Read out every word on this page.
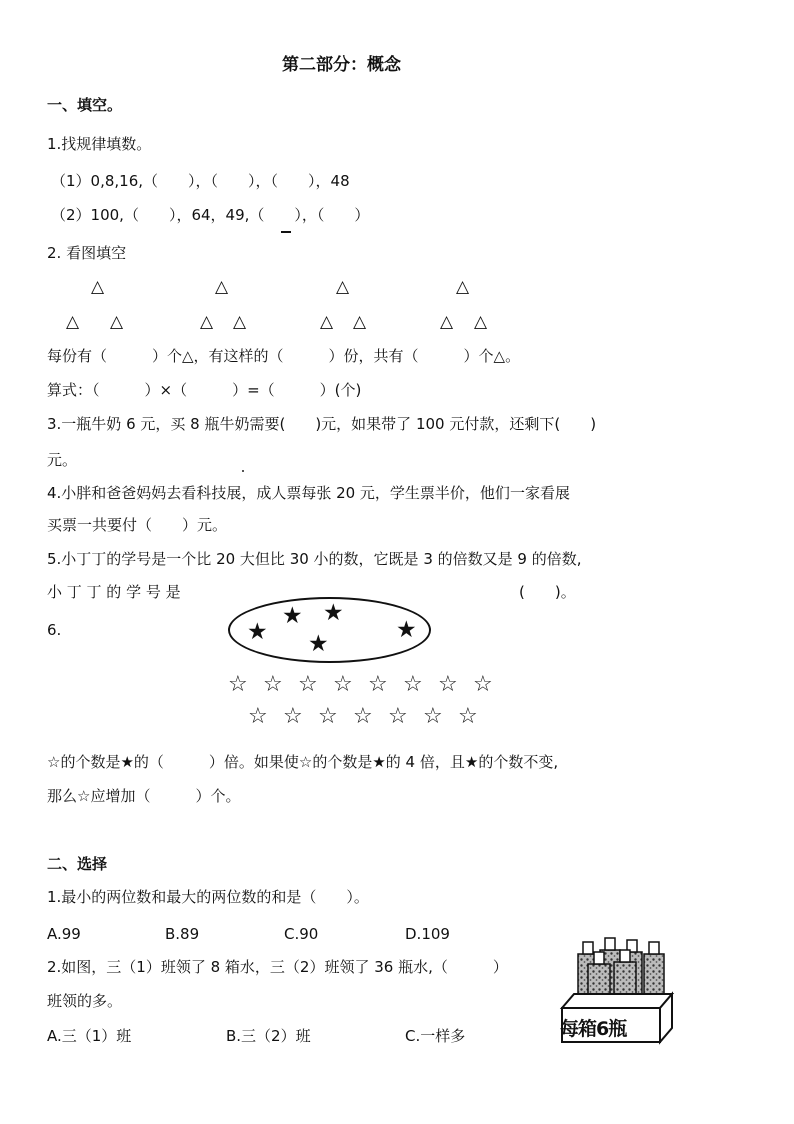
第二部分：概念
一、填空。
1.找规律填数。
（1）0,8,16,（　　），（　　），（　　），48
（2）100,（　　），64，49,（　　），（　　）
2. 看图填空
△
△ △
△
△ △
△
△ △
△
△ △
每份有（　　　）个△，有这样的（　　　）份，共有（　　　）个△。
算式：（　　　）×（　　　）=（　　　）(个)
3.一瓶牛奶 6 元，买 8 瓶牛奶需要(　　)元，如果带了 100 元付款，还剩下(　　)
元。
4.小胖和爸爸妈妈去看科技展，成人票每张 20 元，学生票半价，他们一家看展
买票一共要付（　　）元。
5.小丁丁的学号是一个比 20 大但比 30 小的数，它既是 3 的倍数又是 9 的倍数,
小 丁 丁 的 学 号 是	(　　)。
6.	★
★ ★
★
★
☆ ☆ ☆ ☆ ☆ ☆ ☆ ☆
☆ ☆ ☆ ☆ ☆ ☆ ☆
☆的个数是★的（　　　）倍。如果使☆的个数是★的 4 倍，且★的个数不变,
那么☆应增加（　　　）个。
二、选择
1.最小的两位数和最大的两位数的和是（　　）。
A.99	B.89	C.90	D.109
2.如图，三（1）班领了 8 箱水，三（2）班领了 36 瓶水,（　　　）
班领的多。
A.三（1）班	B.三（2）班	C.一样多	每箱6瓶
